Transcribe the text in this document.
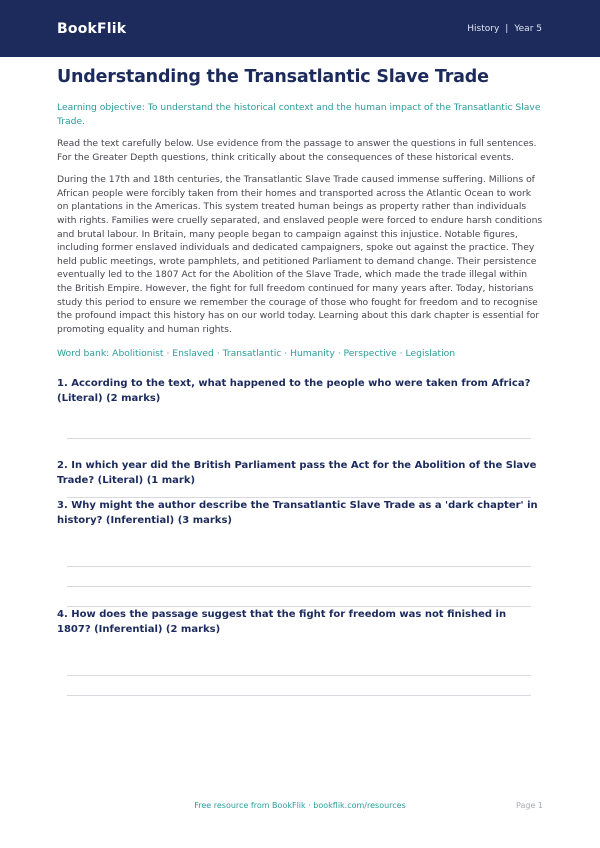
BookFlik	History | Year 5
Understanding the Transatlantic Slave Trade
Learning objective: To understand the historical context and the human impact of the Transatlantic Slave Trade.

Read the text carefully below. Use evidence from the passage to answer the questions in full sentences. For the Greater Depth questions, think critically about the consequences of these historical events.

During the 17th and 18th centuries, the Transatlantic Slave Trade caused immense suffering. Millions of African people were forcibly taken from their homes and transported across the Atlantic Ocean to work on plantations in the Americas. This system treated human beings as property rather than individuals with rights. Families were cruelly separated, and enslaved people were forced to endure harsh conditions and brutal labour. In Britain, many people began to campaign against this injustice. Notable figures, including former enslaved individuals and dedicated campaigners, spoke out against the practice. They held public meetings, wrote pamphlets, and petitioned Parliament to demand change. Their persistence eventually led to the 1807 Act for the Abolition of the Slave Trade, which made the trade illegal within the British Empire. However, the fight for full freedom continued for many years after. Today, historians study this period to ensure we remember the courage of those who fought for freedom and to recognise the profound impact this history has on our world today. Learning about this dark chapter is essential for promoting equality and human rights.

Word bank: Abolitionist · Enslaved · Transatlantic · Humanity · Perspective · Legislation

1. According to the text, what happened to the people who were taken from Africa? (Literal) (2 marks)

2. In which year did the British Parliament pass the Act for the Abolition of the Slave Trade? (Literal) (1 mark)

3. Why might the author describe the Transatlantic Slave Trade as a 'dark chapter' in history? (Inferential) (3 marks)

4. How does the passage suggest that the fight for freedom was not finished in 1807? (Inferential) (2 marks)

Free resource from BookFlik · bookflik.com/resources	Page 1
